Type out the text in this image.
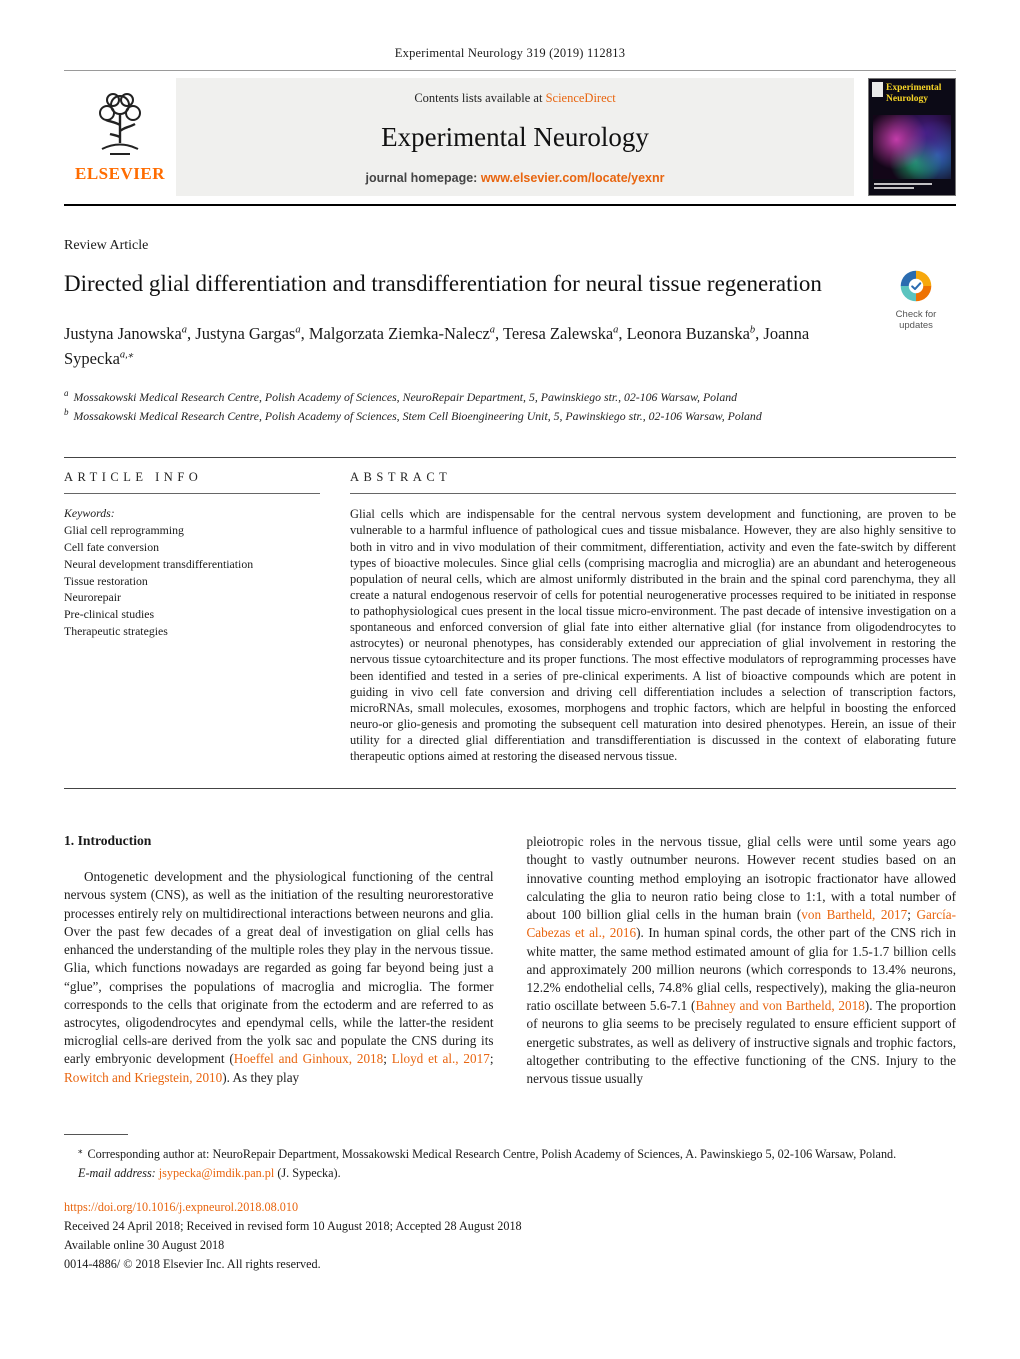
Experimental Neurology 319 (2019) 112813
ELSEVIER
Contents lists available at ScienceDirect
Experimental Neurology
journal homepage: www.elsevier.com/locate/yexnr
Experimental Neurology
Review Article
Directed glial differentiation and transdifferentiation for neural tissue regeneration
Check for
updates
Justyna Janowska$^a$, Justyna Gargas$^a$, Malgorzata Ziemka-Nalecz$^a$, Teresa Zalewska$^a$, Leonora Buzanska$^b$, Joanna Sypecka$^{a,⁎}$
$^a$ Mossakowski Medical Research Centre, Polish Academy of Sciences, NeuroRepair Department, 5, Pawinskiego str., 02-106 Warsaw, Poland
$^b$ Mossakowski Medical Research Centre, Polish Academy of Sciences, Stem Cell Bioengineering Unit, 5, Pawinskiego str., 02-106 Warsaw, Poland
ARTICLE INFO
Keywords:
Glial cell reprogramming
Cell fate conversion
Neural development transdifferentiation
Tissue restoration
Neurorepair
Pre-clinical studies
Therapeutic strategies
ABSTRACT

Glial cells which are indispensable for the central nervous system development and functioning, are proven to be vulnerable to a harmful influence of pathological cues and tissue misbalance. However, they are also highly sensitive to both in vitro and in vivo modulation of their commitment, differentiation, activity and even the fate-switch by different types of bioactive molecules. Since glial cells (comprising macroglia and microglia) are an abundant and heterogeneous population of neural cells, which are almost uniformly distributed in the brain and the spinal cord parenchyma, they all create a natural endogenous reservoir of cells for potential neurogenerative processes required to be initiated in response to pathophysiological cues present in the local tissue micro-environment. The past decade of intensive investigation on a spontaneous and enforced conversion of glial fate into either alternative glial (for instance from oligodendrocytes to astrocytes) or neuronal phenotypes, has considerably extended our appreciation of glial involvement in restoring the nervous tissue cytoarchitecture and its proper functions. The most effective modulators of reprogramming processes have been identified and tested in a series of pre-clinical experiments. A list of bioactive compounds which are potent in guiding in vivo cell fate conversion and driving cell differentiation includes a selection of transcription factors, microRNAs, small molecules, exosomes, morphogens and trophic factors, which are helpful in boosting the enforced neuro-or glio-genesis and promoting the subsequent cell maturation into desired phenotypes. Herein, an issue of their utility for a directed glial differentiation and transdifferentiation is discussed in the context of elaborating future therapeutic options aimed at restoring the diseased nervous tissue.

1. Introduction

Ontogenetic development and the physiological functioning of the central nervous system (CNS), as well as the initiation of the resulting neurorestorative processes entirely rely on multidirectional interactions between neurons and glia. Over the past few decades of a great deal of investigation on glial cells has enhanced the understanding of the multiple roles they play in the nervous tissue. Glia, which functions nowadays are regarded as going far beyond being just a “glue”, comprises the populations of macroglia and microglia. The former corresponds to the cells that originate from the ectoderm and are referred to as astrocytes, oligodendrocytes and ependymal cells, while the latter-the resident microglial cells-are derived from the yolk sac and populate the CNS during its early embryonic development (Hoeffel and Ginhoux, 2018; Lloyd et al., 2017; Rowitch and Kriegstein, 2010). As they play

pleiotropic roles in the nervous tissue, glial cells were until some years ago thought to vastly outnumber neurons. However recent studies based on an innovative counting method employing an isotropic fractionator have allowed calculating the glia to neuron ratio being close to 1:1, with a total number of about 100 billion glial cells in the human brain (von Bartheld, 2017; García-Cabezas et al., 2016). In human spinal cords, the other part of the CNS rich in white matter, the same method estimated amount of glia for 1.5-1.7 billion cells and approximately 200 million neurons (which corresponds to 13.4% neurons, 12.2% endothelial cells, 74.8% glial cells, respectively), making the glia-neuron ratio oscillate between 5.6-7.1 (Bahney and von Bartheld, 2018). The proportion of neurons to glia seems to be precisely regulated to ensure efficient support of energetic substrates, as well as delivery of instructive signals and trophic factors, altogether contributing to the effective functioning of the CNS. Injury to the nervous tissue usually

⁎ Corresponding author at: NeuroRepair Department, Mossakowski Medical Research Centre, Polish Academy of Sciences, A. Pawinskiego 5, 02-106 Warsaw, Poland.

E-mail address: jsypecka@imdik.pan.pl (J. Sypecka).

https://doi.org/10.1016/j.expneurol.2018.08.010
Received 24 April 2018; Received in revised form 10 August 2018; Accepted 28 August 2018
Available online 30 August 2018
0014-4886/ © 2018 Elsevier Inc. All rights reserved.
